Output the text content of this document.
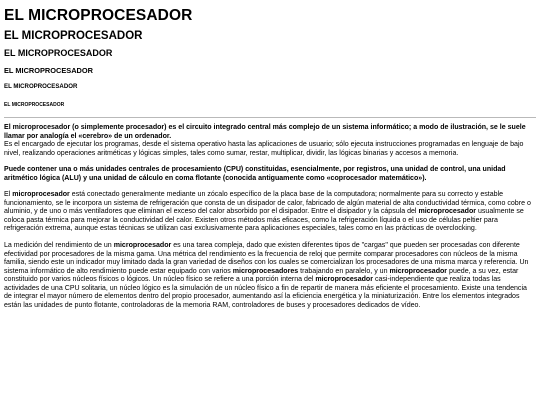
EL MICROPROCESADOR
EL MICROPROCESADOR
EL MICROPROCESADOR
EL MICROPROCESADOR
EL MICROPROCESADOR
EL MICROPROCESADOR

El microprocesador (o simplemente procesador) es el circuito integrado central más complejo de un sistema informático; a modo de ilustración, se le suele llamar por analogía el «cerebro» de un ordenador.

Es el encargado de ejecutar los programas, desde el sistema operativo hasta las aplicaciones de usuario; sólo ejecuta instrucciones programadas en lenguaje de bajo nivel, realizando operaciones aritméticas y lógicas simples, tales como sumar, restar, multiplicar, dividir, las lógicas binarias y accesos a memoria.

Puede contener una o más unidades centrales de procesamiento (CPU) constituidas, esencialmente, por registros, una unidad de control, una unidad aritmético lógica (ALU) y una unidad de cálculo en coma flotante (conocida antiguamente como «coprocesador matemático»).

El microprocesador está conectado generalmente mediante un zócalo específico de la placa base de la computadora; normalmente para su correcto y estable funcionamiento, se le incorpora un sistema de refrigeración que consta de un disipador de calor, fabricado de algún material de alta conductividad térmica, como cobre o aluminio, y de uno o más ventiladores que eliminan el exceso del calor absorbido por el disipador. Entre el disipador y la cápsula del microprocesador usualmente se coloca pasta térmica para mejorar la conductividad del calor. Existen otros métodos más eficaces, como la refrigeración líquida o el uso de células peltier para refrigeración extrema, aunque estas técnicas se utilizan casi exclusivamente para aplicaciones especiales, tales como en las prácticas de overclocking.

La medición del rendimiento de un microprocesador es una tarea compleja, dado que existen diferentes tipos de "cargas" que pueden ser procesadas con diferente efectividad por procesadores de la misma gama. Una métrica del rendimiento es la frecuencia de reloj que permite comparar procesadores con núcleos de la misma familia, siendo este un indicador muy limitado dada la gran variedad de diseños con los cuales se comercializan los procesadores de una misma marca y referencia. Un sistema informático de alto rendimiento puede estar equipado con varios microprocesadores trabajando en paralelo, y un microprocesador puede, a su vez, estar constituido por varios núcleos físicos o lógicos. Un núcleo físico se refiere a una porción interna del microprocesador casi-independiente que realiza todas las actividades de una CPU solitaria, un núcleo lógico es la simulación de un núcleo físico a fin de repartir de manera más eficiente el procesamiento. Existe una tendencia de integrar el mayor número de elementos dentro del propio procesador, aumentando así la eficiencia energética y la miniaturización. Entre los elementos integrados están las unidades de punto flotante, controladoras de la memoria RAM, controladores de buses y procesadores dedicados de vídeo.
